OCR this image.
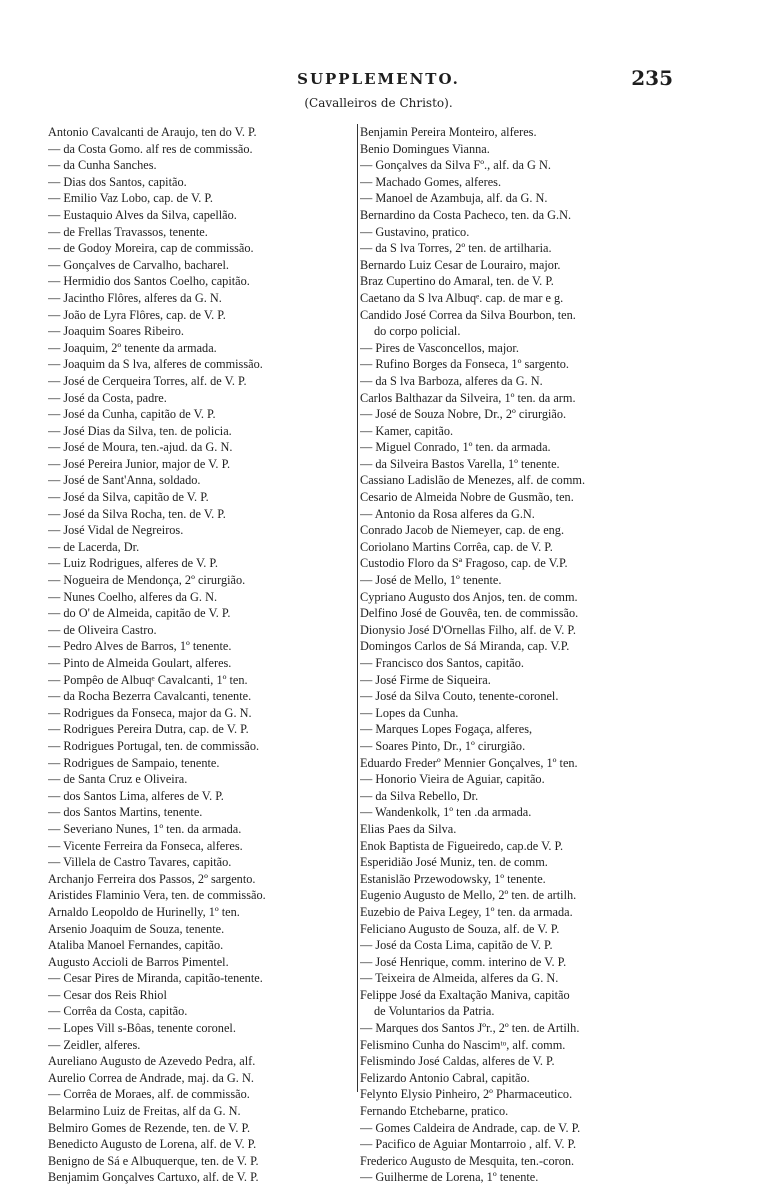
SUPPLEMENTO.	235
(Cavalleiros de Christo).
Antonio Cavalcanti de Araujo, ten do V. P.
— da Costa Gomo. alf res de commissão.
— da Cunha Sanches.
— Dias dos Santos, capitão.
— Emilio Vaz Lobo, cap. de V. P.
— Eustaquio Alves da Silva, capellão.
— de Frellas Travassos, tenente.
— de Godoy Moreira, cap de commissão.
— Gonçalves de Carvalho, bacharel.
— Hermidio dos Santos Coelho, capitão.
— Jacintho Flôres, alferes da G. N.
— João de Lyra Flôres, cap. de V. P.
— Joaquim Soares Ribeiro.
— Joaquim, 2º tenente da armada.
— Joaquim da S lva, alferes de commissão.
— José de Cerqueira Torres, alf. de V. P.
— José da Costa, padre.
— José da Cunha, capitão de V. P.
— José Dias da Silva, ten. de policia.
— José de Moura, ten.-ajud. da G. N.
— José Pereira Junior, major de V. P.
— José de Sant'Anna, soldado.
— José da Silva, capitão de V. P.
— José da Silva Rocha, ten. de V. P.
— José Vidal de Negreiros.
— de Lacerda, Dr.
— Luiz Rodrigues, alferes de V. P.
— Nogueira de Mendonça, 2º cirurgião.
— Nunes Coelho, alferes da G. N.
— do O' de Almeida, capitão de V. P.
— de Oliveira Castro.
— Pedro Alves de Barros, 1º tenente.
— Pinto de Almeida Goulart, alferes.
— Pompêo de Albuqᵉ Cavalcanti, 1º ten.
— da Rocha Bezerra Cavalcanti, tenente.
— Rodrigues da Fonseca, major da G. N.
— Rodrigues Pereira Dutra, cap. de V. P.
— Rodrigues Portugal, ten. de commissão.
— Rodrigues de Sampaio, tenente.
— de Santa Cruz e Oliveira.
— dos Santos Lima, alferes de V. P.
— dos Santos Martins, tenente.
— Severiano Nunes, 1º ten. da armada.
— Vicente Ferreira da Fonseca, alferes.
— Villela de Castro Tavares, capitão.
Archanjo Ferreira dos Passos, 2º sargento.
Aristides Flaminio Vera, ten. de commissão.
Arnaldo Leopoldo de Hurinelly, 1º ten.
Arsenio Joaquim de Souza, tenente.
Ataliba Manoel Fernandes, capitão.
Augusto Accioli de Barros Pimentel.
— Cesar Pires de Miranda, capitão-tenente.
— Cesar dos Reis Rhiol
— Corrêa da Costa, capitão.
— Lopes Vill s-Bôas, tenente coronel.
— Zeidler, alferes.
Aureliano Augusto de Azevedo Pedra, alf.
Aurelio Correa de Andrade, maj. da G. N.
— Corrêa de Moraes, alf. de commissão.
Belarmino Luiz de Freitas, alf da G. N.
Belmiro Gomes de Rezende, ten. de V. P.
Benedicto Augusto de Lorena, alf. de V. P.
Benigno de Sá e Albuquerque, ten. de V. P.
Benjamim Gonçalves Cartuxo, alf. de V. P.
Benjamin Pereira Monteiro, alferes.
Benio Domingues Vianna.
— Gonçalves da Silva Fº., alf. da G N.
— Machado Gomes, alferes.
— Manoel de Azambuja, alf. da G. N.
Bernardino da Costa Pacheco, ten. da G.N.
— Gustavino, pratico.
— da S lva Torres, 2º ten. de artilharia.
Bernardo Luiz Cesar de Lourairo, major.
Braz Cupertino do Amaral, ten. de V. P.
Caetano da S lva Albuqᵉ. cap. de mar e g.
Candido José Correa da Silva Bourbon, ten.
do corpo policial.
— Pires de Vasconcellos, major.
— Rufino Borges da Fonseca, 1º sargento.
— da S lva Barboza, alferes da G. N.
Carlos Balthazar da Silveira, 1º ten. da arm.
— José de Souza Nobre, Dr., 2º cirurgião.
— Kamer, capitão.
— Miguel Conrado, 1º ten. da armada.
— da Silveira Bastos Varella, 1º tenente.
Cassiano Ladislão de Menezes, alf. de comm.
Cesario de Almeida Nobre de Gusmão, ten.
— Antonio da Rosa alferes da G.N.
Conrado Jacob de Niemeyer, cap. de eng.
Coriolano Martins Corrêa, cap. de V. P.
Custodio Floro da Sª Fragoso, cap. de V.P.
— José de Mello, 1º tenente.
Cypriano Augusto dos Anjos, ten. de comm.
Delfino José de Gouvêa, ten. de commissão.
Dionysio José D'Ornellas Filho, alf. de V. P.
Domingos Carlos de Sá Miranda, cap. V.P.
— Francisco dos Santos, capitão.
— José Firme de Siqueira.
— José da Silva Couto, tenente-coronel.
— Lopes da Cunha.
— Marques Lopes Fogaça, alferes,
— Soares Pinto, Dr., 1º cirurgião.
Eduardo Frederº Mennier Gonçalves, 1º ten.
— Honorio Vieira de Aguiar, capitão.
— da Silva Rebello, Dr.
— Wandenkolk, 1º ten .da armada.
Elias Paes da Silva.
Enok Baptista de Figueiredo, cap.de V. P.
Esperidião José Muniz, ten. de comm.
Estanislão Przewodowsky, 1º tenente.
Eugenio Augusto de Mello, 2º ten. de artilh.
Euzebio de Paiva Legey, 1º ten. da armada.
Feliciano Augusto de Souza, alf. de V. P.
— José da Costa Lima, capitão de V. P.
— José Henrique, comm. interino de V. P.
— Teixeira de Almeida, alferes da G. N.
Felippe José da Exaltação Maniva, capitão
de Voluntarios da Patria.
— Marques dos Santos Jºr., 2º ten. de Artilh.
Felismino Cunha do Nascimᵗᵒ, alf. comm.
Felismindo José Caldas, alferes de V. P.
Felizardo Antonio Cabral, capitão.
Felynto Elysio Pinheiro, 2º Pharmaceutico.
Fernando Etchebarne, pratico.
— Gomes Caldeira de Andrade, cap. de V. P.
— Pacifico de Aguiar Montarroio , alf. V. P.
Frederico Augusto de Mesquita, ten.-coron.
— Guilherme de Lorena, 1º tenente.
